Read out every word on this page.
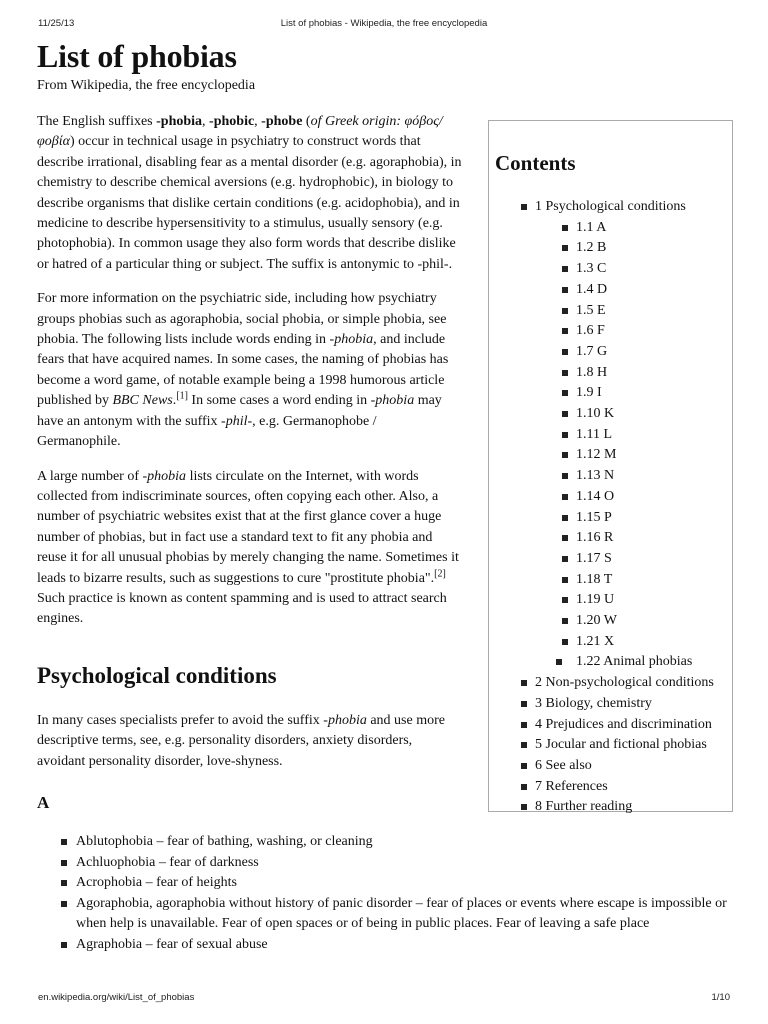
11/25/13	List of phobias - Wikipedia, the free encyclopedia
List of phobias
From Wikipedia, the free encyclopedia

The English suffixes -phobia, -phobic, -phobe (of Greek origin: φόβος/φοβία) occur in technical usage in psychiatry to construct words that describe irrational, disabling fear as a mental disorder (e.g. agoraphobia), in chemistry to describe chemical aversions (e.g. hydrophobic), in biology to describe organisms that dislike certain conditions (e.g. acidophobia), and in medicine to describe hypersensitivity to a stimulus, usually sensory (e.g. photophobia). In common usage they also form words that describe dislike or hatred of a particular thing or subject. The suffix is antonymic to -phil-.

For more information on the psychiatric side, including how psychiatry groups phobias such as agoraphobia, social phobia, or simple phobia, see phobia. The following lists include words ending in -phobia, and include fears that have acquired names. In some cases, the naming of phobias has become a word game, of notable example being a 1998 humorous article published by BBC News.[1] In some cases a word ending in -phobia may have an antonym with the suffix -phil-, e.g. Germanophobe / Germanophile.

A large number of -phobia lists circulate on the Internet, with words collected from indiscriminate sources, often copying each other. Also, a number of psychiatric websites exist that at the first glance cover a huge number of phobias, but in fact use a standard text to fit any phobia and reuse it for all unusual phobias by merely changing the name. Sometimes it leads to bizarre results, such as suggestions to cure "prostitute phobia".[2] Such practice is known as content spamming and is used to attract search engines.

Psychological conditions

In many cases specialists prefer to avoid the suffix -phobia and use more descriptive terms, see, e.g. personality disorders, anxiety disorders, avoidant personality disorder, love-shyness.

A
Ablutophobia – fear of bathing, washing, or cleaning
Achluophobia – fear of darkness
Acrophobia – fear of heights
Agoraphobia, agoraphobia without history of panic disorder – fear of places or events where escape is impossible or when help is unavailable. Fear of open spaces or of being in public places. Fear of leaving a safe place
Agraphobia – fear of sexual abuse
Contents
1 Psychological conditions
1.1 A
1.2 B
1.3 C
1.4 D
1.5 E
1.6 F
1.7 G
1.8 H
1.9 I
1.10 K
1.11 L
1.12 M
1.13 N
1.14 O
1.15 P
1.16 R
1.17 S
1.18 T
1.19 U
1.20 W
1.21 X
1.22 Animal phobias
2 Non-psychological conditions
3 Biology, chemistry
4 Prejudices and discrimination
5 Jocular and fictional phobias
6 See also
7 References
8 Further reading
en.wikipedia.org/wiki/List_of_phobias	1/10
